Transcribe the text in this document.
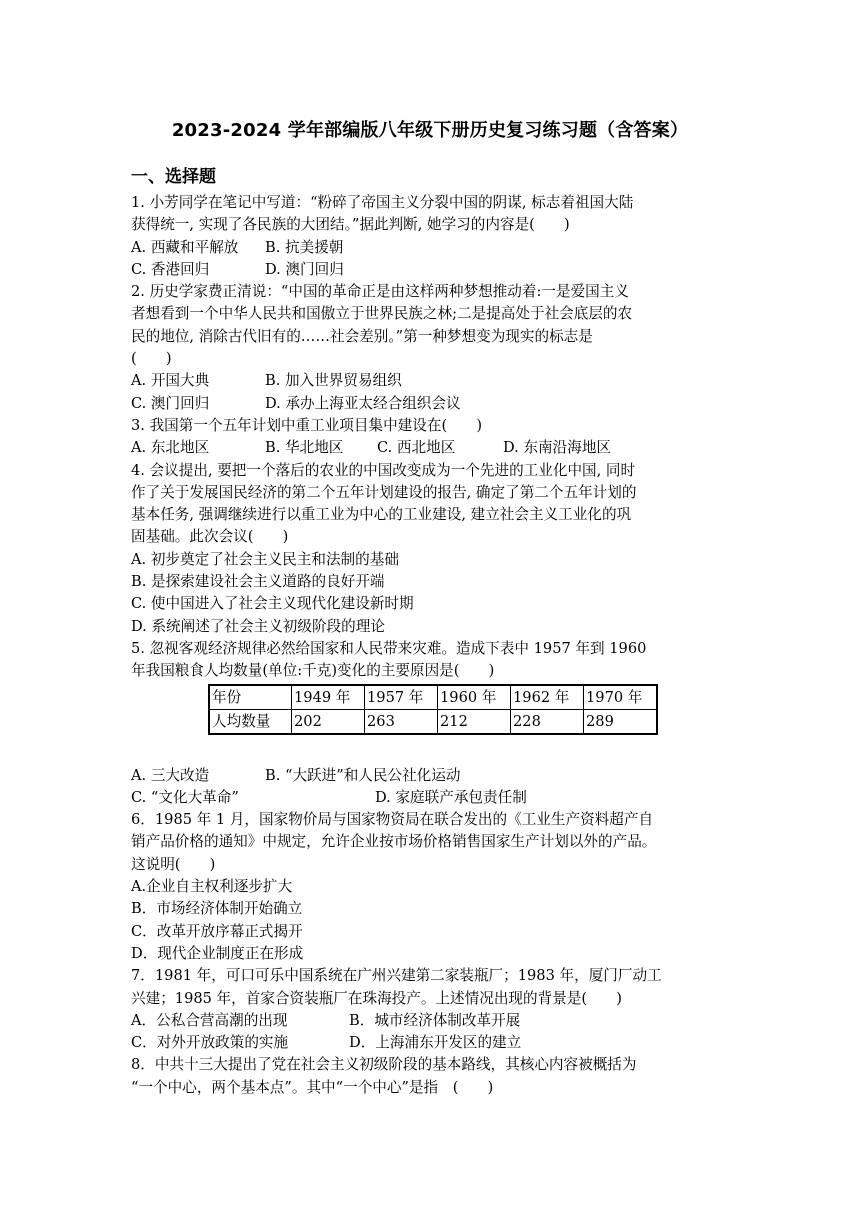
2023-2024 学年部编版八年级下册历史复习练习题（含答案）
一、选择题
1. 小芳同学在笔记中写道：“粉碎了帝国主义分裂中国的阴谋, 标志着祖国大陆
获得统一, 实现了各民族的大团结。”据此判断, 她学习的内容是(　　)
A. 西藏和平解放	B. 抗美援朝
C. 香港回归	D. 澳门回归
2. 历史学家费正清说：“中国的革命正是由这样两种梦想推动着:一是爱国主义
者想看到一个中华人民共和国傲立于世界民族之林;二是提高处于社会底层的农
民的地位, 消除古代旧有的……社会差别。”第一种梦想变为现实的标志是
(　　)
A. 开国大典	B. 加入世界贸易组织
C. 澳门回归	D. 承办上海亚太经合组织会议
3. 我国第一个五年计划中重工业项目集中建设在(　　)
A. 东北地区	B. 华北地区	C. 西北地区	D. 东南沿海地区
4. 会议提出, 要把一个落后的农业的中国改变成为一个先进的工业化中国, 同时
作了关于发展国民经济的第二个五年计划建设的报告, 确定了第二个五年计划的
基本任务, 强调继续进行以重工业为中心的工业建设, 建立社会主义工业化的巩
固基础。此次会议(　　)
A. 初步奠定了社会主义民主和法制的基础
B. 是探索建设社会主义道路的良好开端
C. 使中国进入了社会主义现代化建设新时期
D. 系统阐述了社会主义初级阶段的理论
5. 忽视客观经济规律必然给国家和人民带来灾难。造成下表中 1957 年到 1960
年我国粮食人均数量(单位:千克)变化的主要原因是(　　)
年份	1949 年	1957 年	1960 年	1962 年	1970 年
人均数量	202	263	212	228	289
A. 三大改造	B. “大跃进”和人民公社化运动
C. “文化大革命”	D. 家庭联产承包责任制
6．1985 年 1 月，国家物价局与国家物资局在联合发出的《工业生产资料超产自
销产品价格的通知》中规定，允许企业按市场价格销售国家生产计划以外的产品。
这说明(　　)
A.企业自主权利逐步扩大
B．市场经济体制开始确立
C．改革开放序幕正式揭开
D．现代企业制度正在形成
7．1981 年，可口可乐中国系统在广州兴建第二家装瓶厂；1983 年，厦门厂动工
兴建；1985 年，首家合资装瓶厂在珠海投产。上述情况出现的背景是(　　)
A．公私合营高潮的出现	B．城市经济体制改革开展
C．对外开放政策的实施	D．上海浦东开发区的建立
8．中共十三大提出了党在社会主义初级阶段的基本路线，其核心内容被概括为
“一个中心，两个基本点”。其中“一个中心”是指　(　　)
